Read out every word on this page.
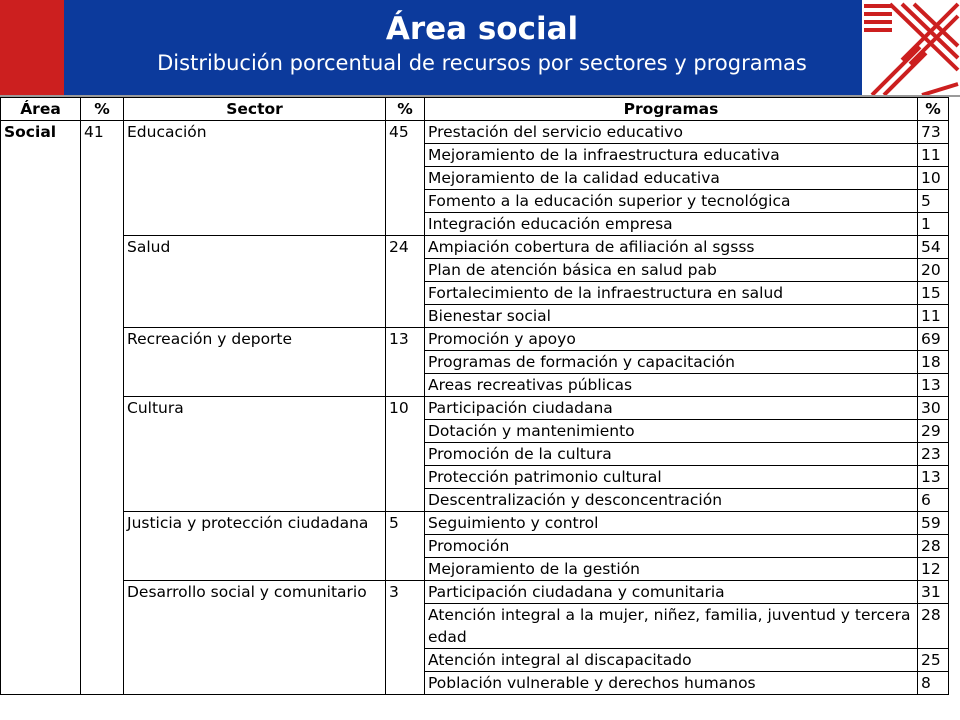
Área social
Distribución porcentual de recursos por sectores y programas
Área	%	Sector	%	Programas	%
Social	41	Educación	45	Prestación del servicio educativo	73
				Mejoramiento de la infraestructura educativa	11
				Mejoramiento de la calidad educativa	10
				Fomento a la educación superior y tecnológica	5
				Integración educación empresa	1
		Salud	24	Ampiación cobertura de afiliación al sgsss	54
				Plan de atención básica en salud pab	20
				Fortalecimiento de la infraestructura en salud	15
				Bienestar social	11
		Recreación y deporte	13	Promoción y apoyo	69
				Programas de formación y capacitación	18
				Areas recreativas públicas	13
		Cultura	10	Participación ciudadana	30
				Dotación y mantenimiento	29
				Promoción de la cultura	23
				Protección patrimonio cultural	13
				Descentralización y desconcentración	6
		Justicia y protección ciudadana	5	Seguimiento y control	59
				Promoción	28
				Mejoramiento de la gestión	12
		Desarrollo social y comunitario	3	Participación ciudadana y comunitaria	31
				Atención integral a la mujer, niñez, familia, juventud y tercera edad	28
				Atención integral al discapacitado	25
				Población vulnerable y derechos humanos	8
